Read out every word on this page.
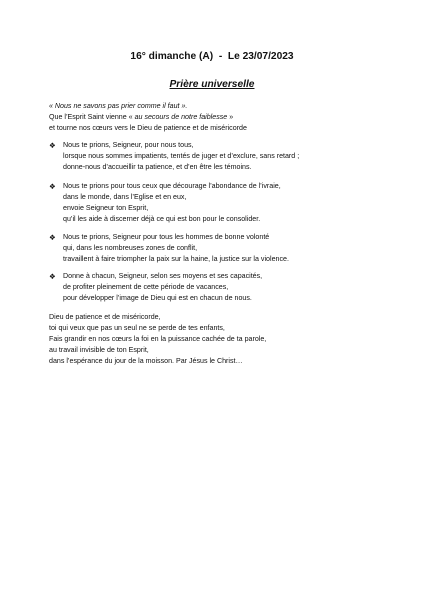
16° dimanche (A)  -  Le 23/07/2023
Prière universelle
« Nous ne savons pas prier comme il faut ».
Que l’Esprit Saint vienne « au secours de notre faiblesse »
et tourne nos cœurs vers le Dieu de patience et de miséricorde
❖ Nous te prions, Seigneur, pour nous tous,
lorsque nous sommes impatients, tentés de juger et d’exclure, sans retard ;
donne-nous d’accueillir ta patience, et d’en être les témoins.
❖ Nous te prions pour tous ceux que décourage l’abondance de l’ivraie,
dans le monde, dans l’Eglise et en eux,
envoie Seigneur ton Esprit,
qu’il les aide à discerner déjà ce qui est bon pour le consolider.
❖ Nous te prions, Seigneur pour tous les hommes de bonne volonté
qui, dans les nombreuses zones de conflit,
travaillent à faire triompher la paix sur la haine, la justice sur la violence.
❖ Donne à chacun, Seigneur, selon ses moyens et ses capacités,
de profiter pleinement de cette période de vacances,
pour développer l’image de Dieu qui est en chacun de nous.
Dieu de patience et de miséricorde,
toi qui veux que pas un seul ne se perde de tes enfants,
Fais grandir en nos cœurs la foi en la puissance cachée de ta parole,
au travail invisible de ton Esprit,
dans l’espérance du jour de la moisson. Par Jésus le Christ…
